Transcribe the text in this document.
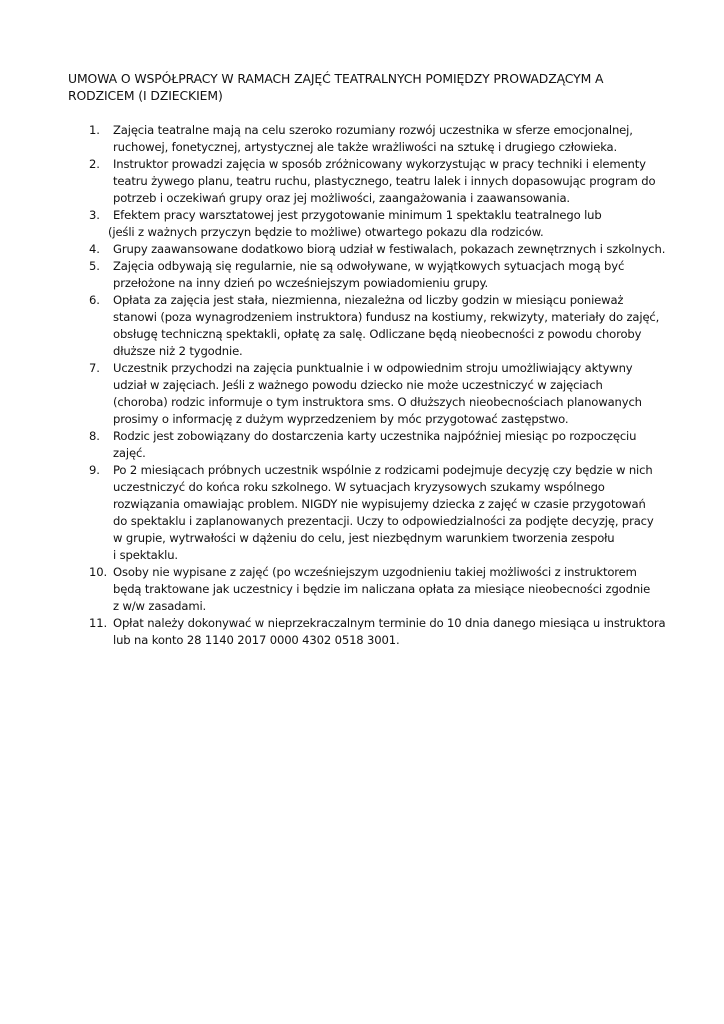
UMOWA O WSPÓŁPRACY W RAMACH ZAJĘĆ TEATRALNYCH POMIĘDZY PROWADZĄCYM A
RODZICEM (I DZIECKIEM)
1. Zajęcia teatralne mają na celu szeroko rozumiany rozwój uczestnika w sferze emocjonalnej,
ruchowej, fonetycznej, artystycznej ale także wrażliwości na sztukę i drugiego człowieka.
2. Instruktor prowadzi zajęcia w sposób zróżnicowany wykorzystując w pracy techniki i elementy
teatru żywego planu, teatru ruchu, plastycznego, teatru lalek i innych dopasowując program do
potrzeb i oczekiwań grupy oraz jej możliwości, zaangażowania i zaawansowania.
3. Efektem pracy warsztatowej jest przygotowanie minimum 1 spektaklu teatralnego lub
(jeśli z ważnych przyczyn będzie to możliwe) otwartego pokazu dla rodziców.
4. Grupy zaawansowane dodatkowo biorą udział w festiwalach, pokazach zewnętrznych i szkolnych.
5. Zajęcia odbywają się regularnie, nie są odwoływane, w wyjątkowych sytuacjach mogą być
przełożone na inny dzień po wcześniejszym powiadomieniu grupy.
6. Opłata za zajęcia jest stała, niezmienna, niezależna od liczby godzin w miesiącu ponieważ
stanowi (poza wynagrodzeniem instruktora) fundusz na kostiumy, rekwizyty, materiały do zajęć,
obsługę techniczną spektakli, opłatę za salę. Odliczane będą nieobecności z powodu choroby
dłuższe niż 2 tygodnie.
7. Uczestnik przychodzi na zajęcia punktualnie i w odpowiednim stroju umożliwiający aktywny
udział w zajęciach. Jeśli z ważnego powodu dziecko nie może uczestniczyć w zajęciach
(choroba) rodzic informuje o tym instruktora sms. O dłuższych nieobecnościach planowanych
prosimy o informację z dużym wyprzedzeniem by móc przygotować zastępstwo.
8. Rodzic jest zobowiązany do dostarczenia karty uczestnika najpóźniej miesiąc po rozpoczęciu
zajęć.
9. Po 2 miesiącach próbnych uczestnik wspólnie z rodzicami podejmuje decyzję czy będzie w nich
uczestniczyć do końca roku szkolnego. W sytuacjach kryzysowych szukamy wspólnego
rozwiązania omawiając problem. NIGDY nie wypisujemy dziecka z zajęć w czasie przygotowań
do spektaklu i zaplanowanych prezentacji. Uczy to odpowiedzialności za podjęte decyzję, pracy
w grupie, wytrwałości w dążeniu do celu, jest niezbędnym warunkiem tworzenia zespołu
i spektaklu.
10. Osoby nie wypisane z zajęć (po wcześniejszym uzgodnieniu takiej możliwości z instruktorem
będą traktowane jak uczestnicy i będzie im naliczana opłata za miesiące nieobecności zgodnie
z w/w zasadami.
11. Opłat należy dokonywać w nieprzekraczalnym terminie do 10 dnia danego miesiąca u instruktora
lub na konto 28 1140 2017 0000 4302 0518 3001.
